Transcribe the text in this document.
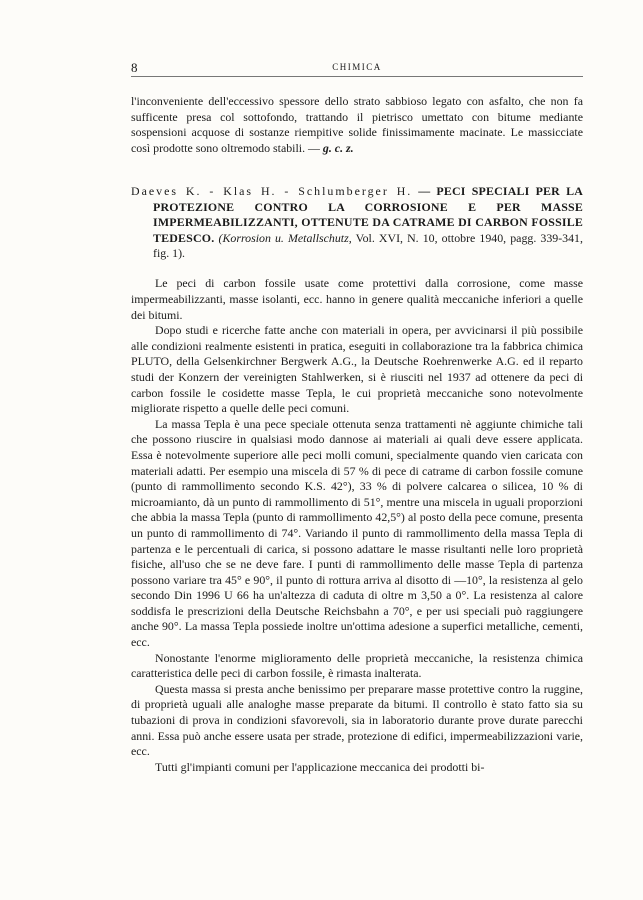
8	CHIMICA

l'inconveniente dell'eccessivo spessore dello strato sabbioso legato con asfalto, che non fa sufficente presa col sottofondo, trattando il pietrisco umettato con bitume mediante sospensioni acquose di sostanze riempitive solide finissimamente macinate. Le massicciate così prodotte sono oltremodo stabili. — g. c. z.

Daeves K. - Klas H. - Schlumberger H. — PECI SPECIALI PER LA PROTEZIONE CONTRO LA CORROSIONE E PER MASSE IMPERMEABILIZZANTI, OTTENUTE DA CATRAME DI CARBON FOSSILE TEDESCO. (Korrosion u. Metallschutz, Vol. XVI, N. 10, ottobre 1940, pagg. 339-341, fig. 1).

Le peci di carbon fossile usate come protettivi dalla corrosione, come masse impermeabilizzanti, masse isolanti, ecc. hanno in genere qualità meccaniche inferiori a quelle dei bitumi.

Dopo studi e ricerche fatte anche con materiali in opera, per avvicinarsi il più possibile alle condizioni realmente esistenti in pratica, eseguiti in collaborazione tra la fabbrica chimica PLUTO, della Gelsenkirchner Bergwerk A.G., la Deutsche Roehrenwerke A.G. ed il reparto studi der Konzern der vereinigten Stahlwerken, si è riusciti nel 1937 ad ottenere da peci di carbon fossile le cosidette masse Tepla, le cui proprietà meccaniche sono notevolmente migliorate rispetto a quelle delle peci comuni.

La massa Tepla è una pece speciale ottenuta senza trattamenti nè aggiunte chimiche tali che possono riuscire in qualsiasi modo dannose ai materiali ai quali deve essere applicata. Essa è notevolmente superiore alle peci molli comuni, specialmente quando vien caricata con materiali adatti. Per esempio una miscela di 57 % di pece di catrame di carbon fossile comune (punto di rammollimento secondo K.S. 42°), 33 % di polvere calcarea o silicea, 10 % di microamianto, dà un punto di rammollimento di 51°, mentre una miscela in uguali proporzioni che abbia la massa Tepla (punto di rammollimento 42,5°) al posto della pece comune, presenta un punto di rammollimento di 74°. Variando il punto di rammollimento della massa Tepla di partenza e le percentuali di carica, si possono adattare le masse risultanti nelle loro proprietà fisiche, all'uso che se ne deve fare. I punti di rammollimento delle masse Tepla di partenza possono variare tra 45° e 90°, il punto di rottura arriva al disotto di —10°, la resistenza al gelo secondo Din 1996 U 66 ha un'altezza di caduta di oltre m 3,50 a 0°. La resistenza al calore soddisfa le prescrizioni della Deutsche Reichsbahn a 70°, e per usi speciali può raggiungere anche 90°. La massa Tepla possiede inoltre un'ottima adesione a superfici metalliche, cementi, ecc.

Nonostante l'enorme miglioramento delle proprietà meccaniche, la resistenza chimica caratteristica delle peci di carbon fossile, è rimasta inalterata.

Questa massa si presta anche benissimo per preparare masse protettive contro la ruggine, di proprietà uguali alle analoghe masse preparate da bitumi. Il controllo è stato fatto sia su tubazioni di prova in condizioni sfavorevoli, sia in laboratorio durante prove durate parecchi anni. Essa può anche essere usata per strade, protezione di edifici, impermeabilizzazioni varie, ecc.

Tutti gl'impianti comuni per l'applicazione meccanica dei prodotti bi-
